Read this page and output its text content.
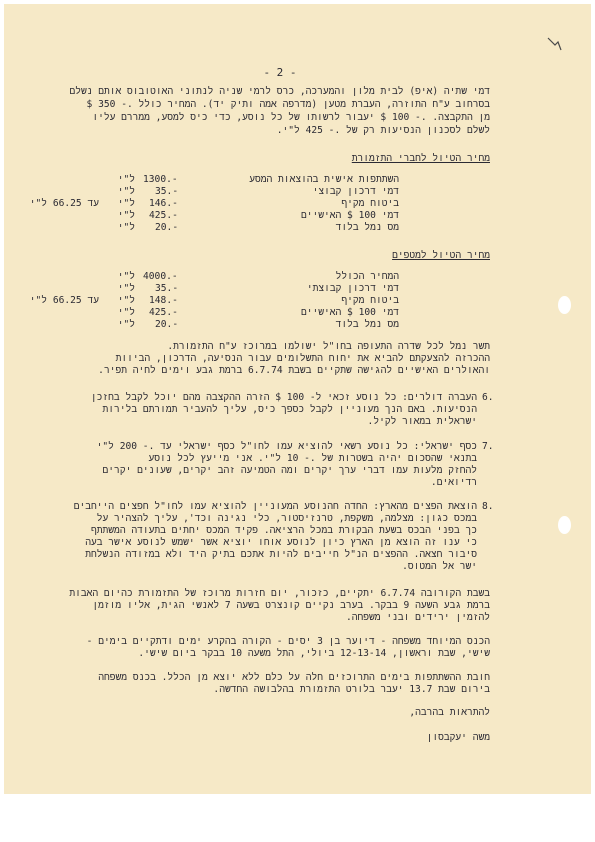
- 2 -
דמי שתיה (איפ) לבית מלון והמערכה, כרס לרמי שניה לנתוני האוטובוס אותם נשלם
בסרחוב ע"ח התוזרה, העברת מטען (מדרפה אמה ותיק יד). המחיר כולל .- 350 $
מן התקבצה. .- 100 $ יעבור לרשותו של כל נוסע, כדי כיס למסע, ממררם עליו
לשלם לסכנון הנסיעות רק של .- 425 ל"י.
מחיר הטיול לחברי התזמורת
השתתפות אישית בהוצאות המסע
1300.-
ל"י
דמי דרכון קבוצי
35.-
ל"י
ביטוח מקיף
146.-
ל"י
עד 66.25 ל"י
דמי 100 $ האישיים
425.-
ל"י
מס נמל בלוד
20.-
ל"י
מחיר הטיול למטפים
המחיר הכולל
4000.-
ל"י
דמי דרכון קבוצתי
35.-
ל"י
ביטוח מקיף
148.-
ל"י
עד 66.25 ל"י
דמי 100 $ האישיים
425.-
ל"י
מס נמל בלוד
20.-
ל"י
תשר נמל לכל שדרה התעופה בחו"ל ישולמו במרוכז ע"ח התזמורת.
ההכרזה להצעקתם להביא את יחוח התשלומים עבור הנסיעה, הדרכון, הביוות
והאולרים האישיים להגישה שתקיים בשבת 6.7.74 ברמת גבע וימים לחיה תפיר.
6.
העברה דולרים: כל נוסע זכאי ל- 100 $ הזרה ההקצבה מהם יוכל לקבל בחזכן
הנסיעות. באם הנך מעוניין לקבל כספך כיס, עליך להעביר תמורתם בלירות
ישראלית במאור לקיל.
7.
כסף ישראלי: כל נוסע רשאי להוציא עמו לחו"ל כסף ישראלי עד .- 200 ל"י
בתנאי שהסכום יהיה בשטרות של .- 10 ל"י. אני מייעץ לכל נוסע
להחזק מלעות עמו דברי ערך יקרים ומה הטמיעה זהב יקרים, שעונים יקרים
רדיואים.
8.
הוצאת הפצים מהארץ: החדה חהנוסע המעוניין להוציא עמו לחו"ל חפצים הייחבים
במכס כגון: מצלמה, משקפת, טרנזיסטור, כלי נגינה וכד', עליך להצהיר על
כך בפני הבכס בשעת הבקורת במכל הרציאה. פקיד המכס יחתים בתעודה המשתתף
כי ענו זה הוצא מן הארץ כיון לנוסע אוחו יוציא אשר ישמש לנוסע אישר בעה
סיבור חצאה. ההפצים הנ"ל חייבים להיות אתכם בתיק היד ולא במזודה הנשלחת
ישר אל המטוס.
בשבת הקורובה 6.7.74 יתקיים, כזכור, יום חזרות מרוכז של התזמורת כהיום האבות
ברמת גבע השעה 9 בבקר. בערב נקיים קונצרט בשעה 7 לאנשי הגית, אליו מוזמן
להזמין ירידים ובני משפחה.
הכנס המיוחד משפחה - דיוער בן 3 יסים - הקורה בהקרע ימים ודתקיים בימים -
שישי, שבת וראשון, 12-13-14 ביולי, התל משעה 10 בבקר ביום שישי.
חובת ההשתתפות בימים התרוכזים חלה על כלם ללא יוצא מן הכלל. בכנס משפחה
בירום שבת 13.7 יעבר בלורט התזמורת בהלבושה החדשה.
להתראות בהרבה,
משה יעקבסון
